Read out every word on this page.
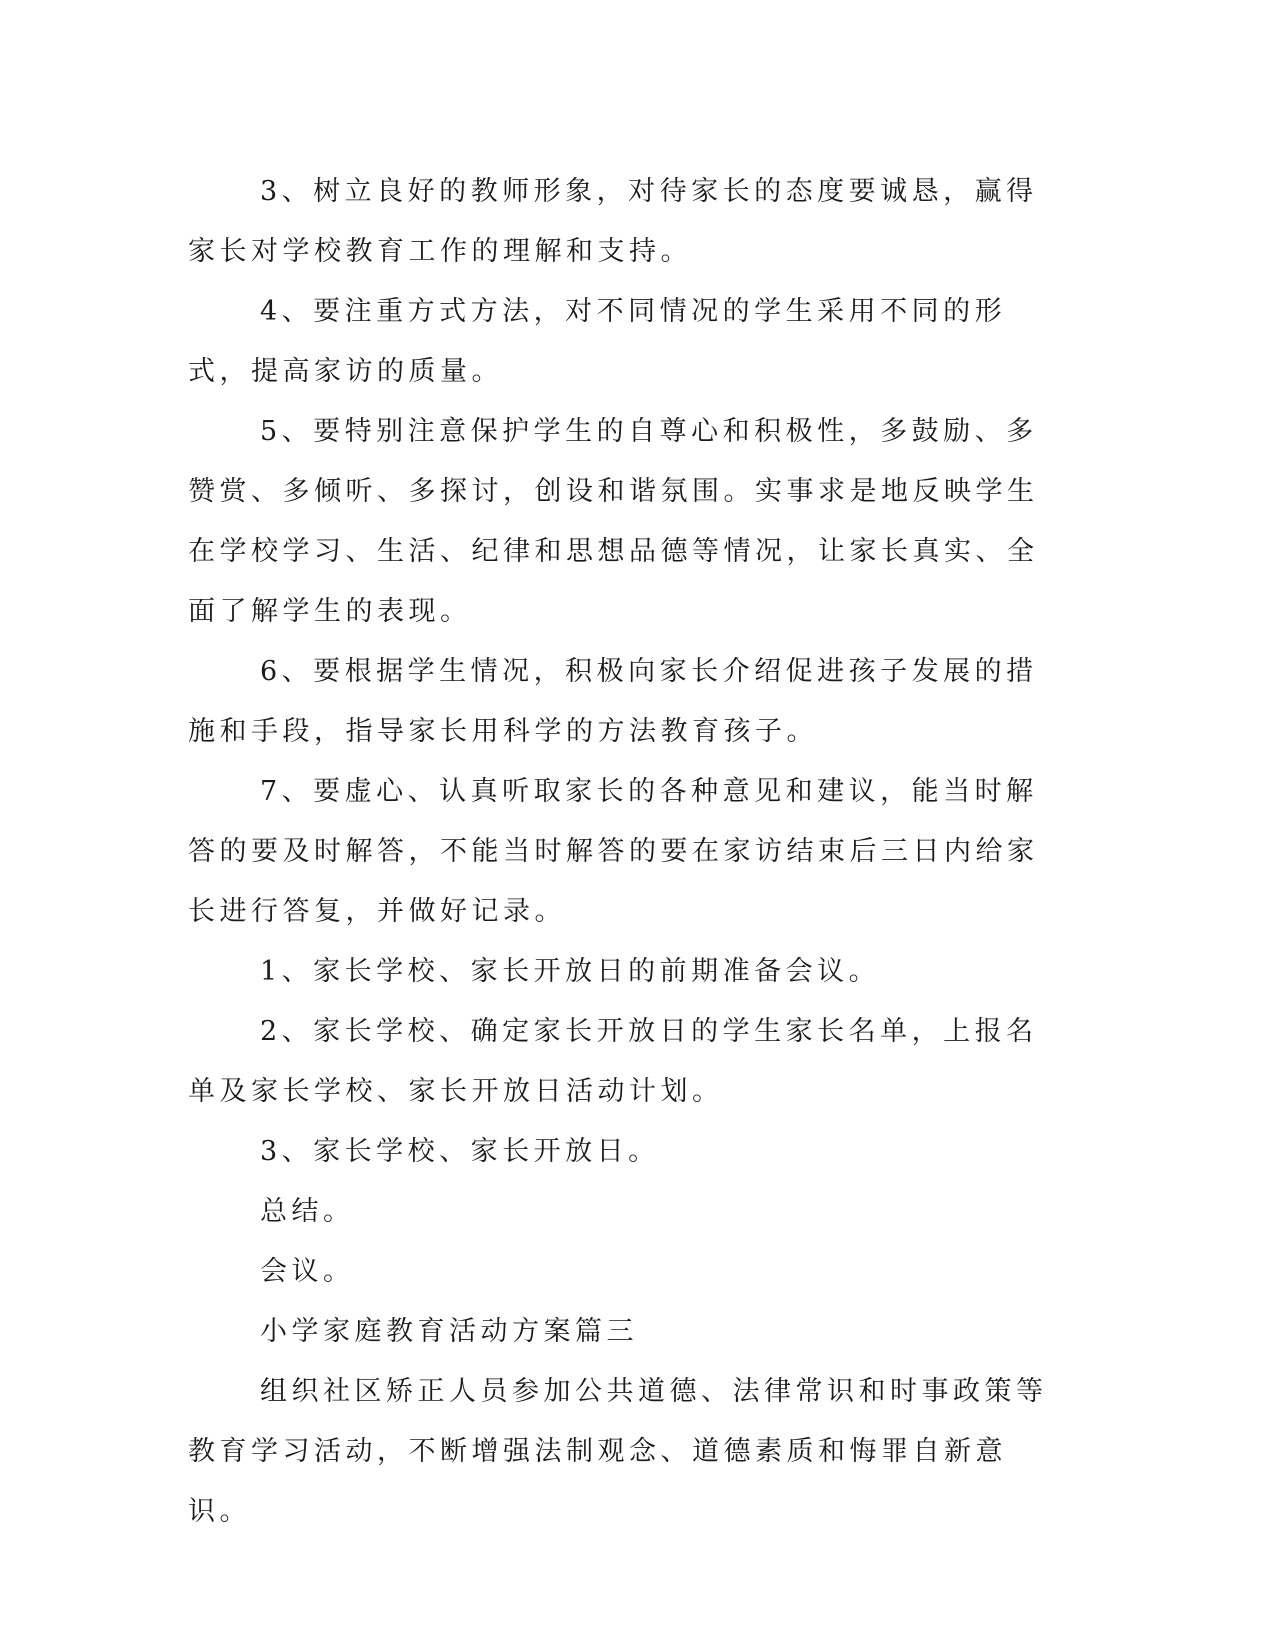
3、树立良好的教师形象，对待家长的态度要诚恳，赢得家长对学校教育工作的理解和支持。

4、要注重方式方法，对不同情况的学生采用不同的形式，提高家访的质量。

5、要特别注意保护学生的自尊心和积极性，多鼓励、多赞赏、多倾听、多探讨，创设和谐氛围。实事求是地反映学生在学校学习、生活、纪律和思想品德等情况，让家长真实、全面了解学生的表现。

6、要根据学生情况，积极向家长介绍促进孩子发展的措施和手段，指导家长用科学的方法教育孩子。

7、要虚心、认真听取家长的各种意见和建议，能当时解答的要及时解答，不能当时解答的要在家访结束后三日内给家长进行答复，并做好记录。

1、家长学校、家长开放日的前期准备会议。

2、家长学校、确定家长开放日的学生家长名单，上报名单及家长学校、家长开放日活动计划。

3、家长学校、家长开放日。

总结。

会议。

小学家庭教育活动方案篇三

组织社区矫正人员参加公共道德、法律常识和时事政策等教育学习活动，不断增强法制观念、道德素质和悔罪自新意识。
